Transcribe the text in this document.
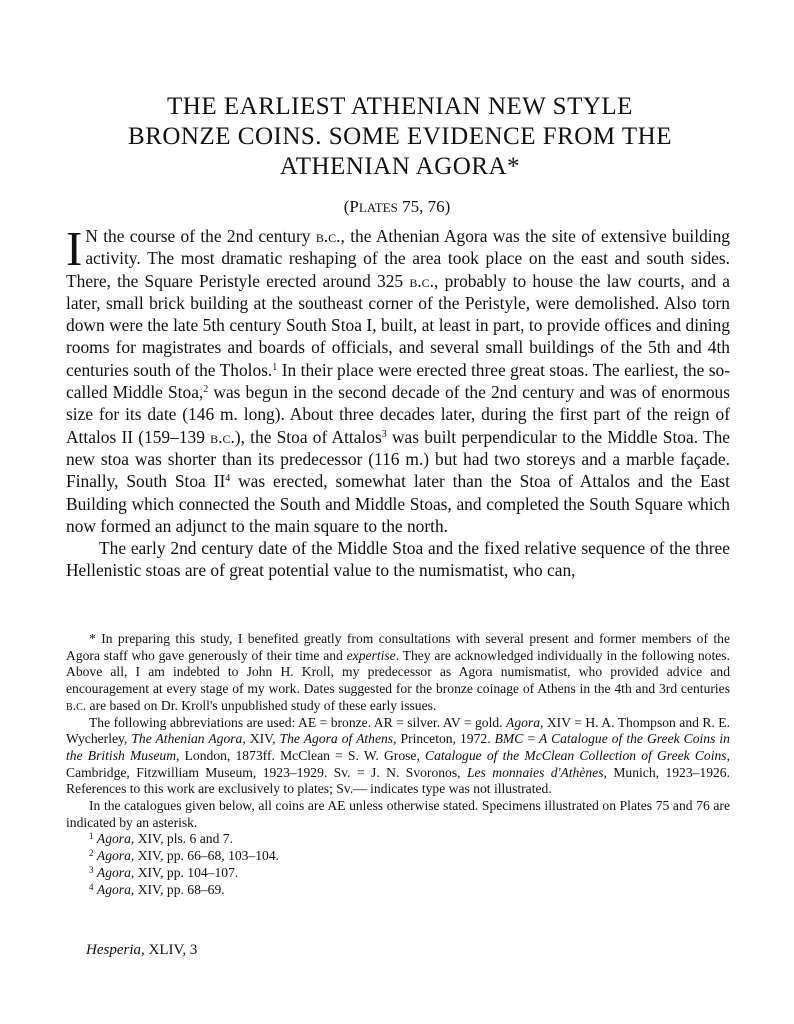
THE EARLIEST ATHENIAN NEW STYLE
BRONZE COINS. SOME EVIDENCE FROM THE
ATHENIAN AGORA*

(PLATES 75, 76)

I N the course of the 2nd century b.c., the Athenian Agora was the site of extensive building activity. The most dramatic reshaping of the area took place on the east and south sides. There, the Square Peristyle erected around 325 b.c., probably to house the law courts, and a later, small brick building at the southeast corner of the Peristyle, were demolished. Also torn down were the late 5th century South Stoa I, built, at least in part, to provide offices and dining rooms for magistrates and boards of officials, and several small buildings of the 5th and 4th centuries south of the Tholos.$^1$ In their place were erected three great stoas. The earliest, the so-called Middle Stoa,$^2$ was begun in the second decade of the 2nd century and was of enormous size for its date (146 m. long). About three decades later, during the first part of the reign of Attalos II (159–139 b.c.), the Stoa of Attalos$^3$ was built perpendicular to the Middle Stoa. The new stoa was shorter than its predecessor (116 m.) but had two storeys and a marble façade. Finally, South Stoa $II^4$ was erected, somewhat later than the Stoa of Attalos and the East Building which connected the South and Middle Stoas, and completed the South Square which now formed an adjunct to the main square to the north.

The early 2nd century date of the Middle Stoa and the fixed relative sequence of the three Hellenistic stoas are of great potential value to the numismatist, who can,

* In preparing this study, I benefited greatly from consultations with several present and former members of the Agora staff who gave generously of their time and expertise. They are acknowledged individually in the following notes. Above all, I am indebted to John H. Kroll, my predecessor as Agora numismatist, who provided advice and encouragement at every stage of my work. Dates suggested for the bronze coinage of Athens in the 4th and 3rd centuries b.c. are based on Dr. Kroll's unpublished study of these early issues.

The following abbreviations are used: AE = bronze. AR = silver. AV = gold. Agora, XIV = H. A. Thompson and R. E. Wycherley, The Athenian Agora, XIV, The Agora of Athens, Princeton, 1972. BMC = A Catalogue of the Greek Coins in the British Museum, London, 1873ff. McClean = S. W. Grose, Catalogue of the McClean Collection of Greek Coins, Cambridge, Fitzwilliam Museum, 1923–1929. Sv. = J. N. Svoronos, Les monnaies d'Athènes, Munich, 1923–1926. References to this work are exclusively to plates; Sv.— indicates type was not illustrated.

In the catalogues given below, all coins are AE unless otherwise stated. Specimens illustrated on Plates 75 and 76 are indicated by an asterisk.

$^1$ Agora, XIV, pls. 6 and 7.
$^2$ Agora, XIV, pp. 66–68, 103–104.
$^3$ Agora, XIV, pp. 104–107.
$^4$ Agora, XIV, pp. 68–69.

Hesperia, XLIV, 3
